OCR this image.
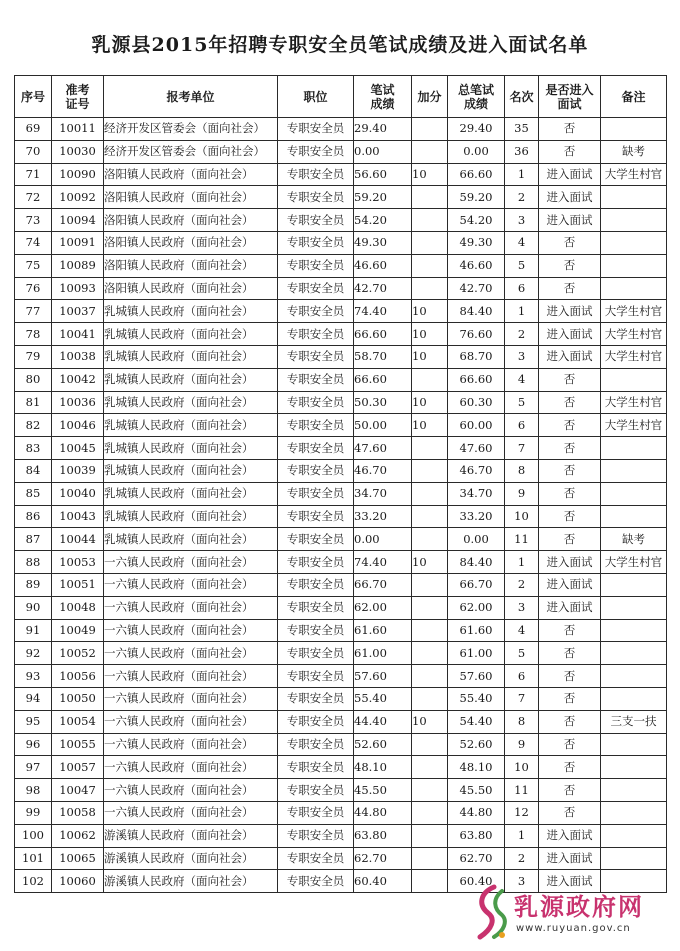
乳源县2015年招聘专职安全员笔试成绩及进入面试名单
序号	准考证号	报考单位	职位	笔试成绩	加分	总笔试成绩	名次	是否进入面试	备注
69	10011	经济开发区管委会（面向社会）	专职安全员	29.40		29.40	35	否	
70	10030	经济开发区管委会（面向社会）	专职安全员	0.00		0.00	36	否	缺考
71	10090	洛阳镇人民政府（面向社会）	专职安全员	56.60	10	66.60	1	进入面试	大学生村官
72	10092	洛阳镇人民政府（面向社会）	专职安全员	59.20		59.20	2	进入面试	
73	10094	洛阳镇人民政府（面向社会）	专职安全员	54.20		54.20	3	进入面试	
74	10091	洛阳镇人民政府（面向社会）	专职安全员	49.30		49.30	4	否	
75	10089	洛阳镇人民政府（面向社会）	专职安全员	46.60		46.60	5	否	
76	10093	洛阳镇人民政府（面向社会）	专职安全员	42.70		42.70	6	否	
77	10037	乳城镇人民政府（面向社会）	专职安全员	74.40	10	84.40	1	进入面试	大学生村官
78	10041	乳城镇人民政府（面向社会）	专职安全员	66.60	10	76.60	2	进入面试	大学生村官
79	10038	乳城镇人民政府（面向社会）	专职安全员	58.70	10	68.70	3	进入面试	大学生村官
80	10042	乳城镇人民政府（面向社会）	专职安全员	66.60		66.60	4	否	
81	10036	乳城镇人民政府（面向社会）	专职安全员	50.30	10	60.30	5	否	大学生村官
82	10046	乳城镇人民政府（面向社会）	专职安全员	50.00	10	60.00	6	否	大学生村官
83	10045	乳城镇人民政府（面向社会）	专职安全员	47.60		47.60	7	否	
84	10039	乳城镇人民政府（面向社会）	专职安全员	46.70		46.70	8	否	
85	10040	乳城镇人民政府（面向社会）	专职安全员	34.70		34.70	9	否	
86	10043	乳城镇人民政府（面向社会）	专职安全员	33.20		33.20	10	否	
87	10044	乳城镇人民政府（面向社会）	专职安全员	0.00		0.00	11	否	缺考
88	10053	一六镇人民政府（面向社会）	专职安全员	74.40	10	84.40	1	进入面试	大学生村官
89	10051	一六镇人民政府（面向社会）	专职安全员	66.70		66.70	2	进入面试	
90	10048	一六镇人民政府（面向社会）	专职安全员	62.00		62.00	3	进入面试	
91	10049	一六镇人民政府（面向社会）	专职安全员	61.60		61.60	4	否	
92	10052	一六镇人民政府（面向社会）	专职安全员	61.00		61.00	5	否	
93	10056	一六镇人民政府（面向社会）	专职安全员	57.60		57.60	6	否	
94	10050	一六镇人民政府（面向社会）	专职安全员	55.40		55.40	7	否	
95	10054	一六镇人民政府（面向社会）	专职安全员	44.40	10	54.40	8	否	三支一扶
96	10055	一六镇人民政府（面向社会）	专职安全员	52.60		52.60	9	否	
97	10057	一六镇人民政府（面向社会）	专职安全员	48.10		48.10	10	否	
98	10047	一六镇人民政府（面向社会）	专职安全员	45.50		45.50	11	否	
99	10058	一六镇人民政府（面向社会）	专职安全员	44.80		44.80	12	否	
100	10062	游溪镇人民政府（面向社会）	专职安全员	63.80		63.80	1	进入面试	
101	10065	游溪镇人民政府（面向社会）	专职安全员	62.70		62.70	2	进入面试	
102	10060	游溪镇人民政府（面向社会）	专职安全员	60.40		60.40	3	进入面试	
乳源政府网
www.ruyuan.gov.cn
